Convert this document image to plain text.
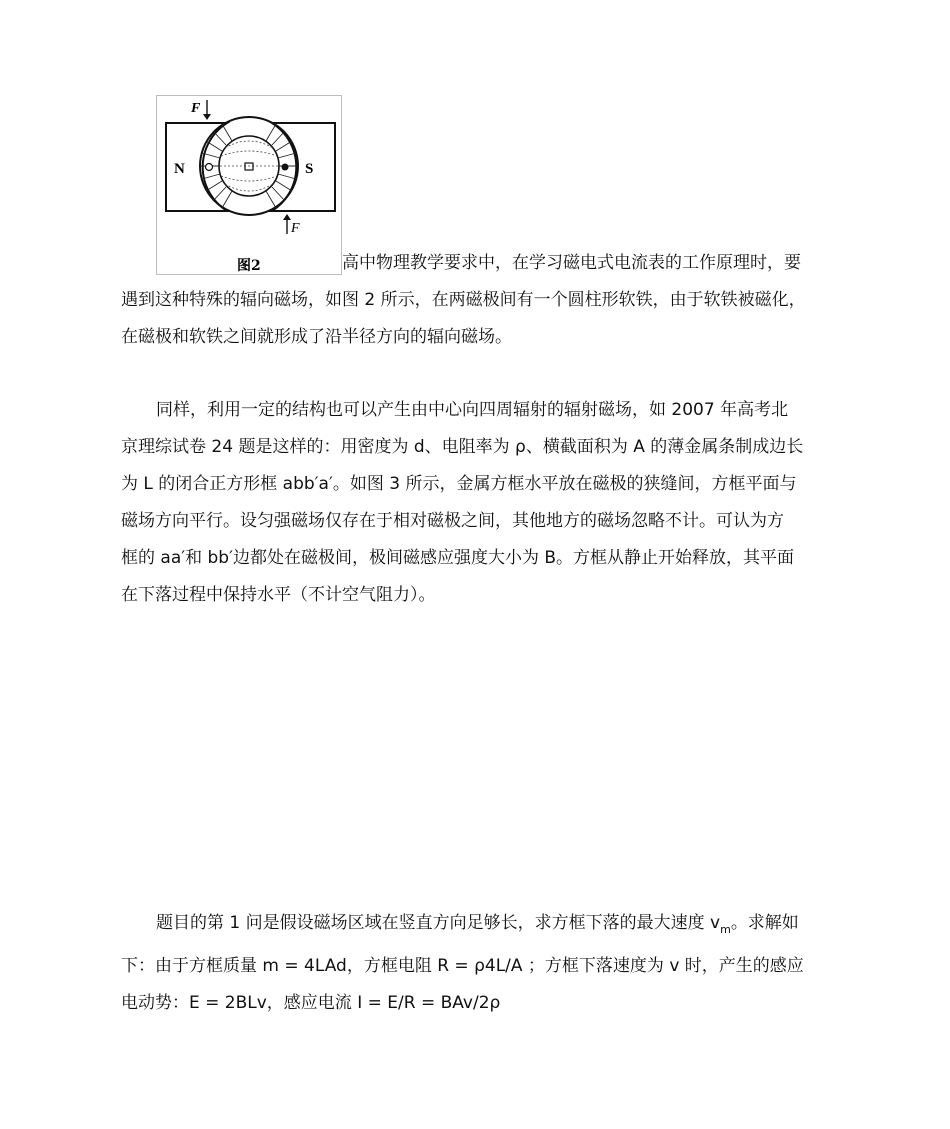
F
F
N	S
图2	高中物理教学要求中，在学习磁电式电流表的工作原理时，要
遇到这种特殊的辐向磁场，如图 2 所示，在两磁极间有一个圆柱形软铁，由于软铁被磁化，
在磁极和软铁之间就形成了沿半径方向的辐向磁场。
同样，利用一定的结构也可以产生由中心向四周辐射的辐射磁场，如 2007 年高考北
京理综试卷 24 题是这样的：用密度为 d、电阻率为 ρ、横截面积为 A 的薄金属条制成边长
为 L 的闭合正方形框 abb′a′。如图 3 所示，金属方框水平放在磁极的狭缝间，方框平面与
磁场方向平行。设匀强磁场仅存在于相对磁极之间，其他地方的磁场忽略不计。可认为方
框的 aa′和 bb′边都处在磁极间，极间磁感应强度大小为 B。方框从静止开始释放，其平面
在下落过程中保持水平（不计空气阻力）。
题目的第 1 问是假设磁场区域在竖直方向足够长，求方框下落的最大速度 $v_m$。求解如
下：由于方框质量 m = 4LAd，方框电阻 R = ρ4L/A ；方框下落速度为 v 时，产生的感应
电动势：E = 2BLv，感应电流 I = E/R = BAv/2ρ
